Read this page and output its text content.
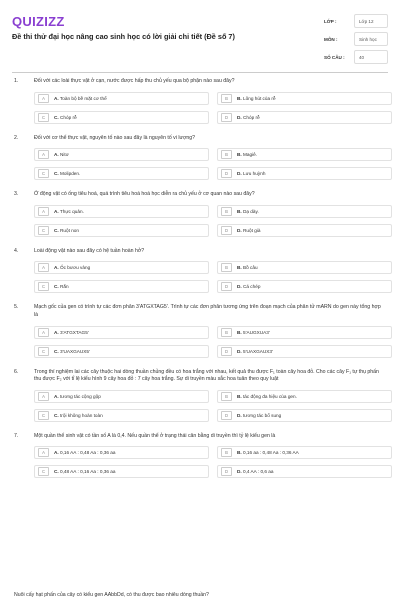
QUIZIZZ
Đề thi thử đại học nâng cao sinh học có lời giải chi tiết (Đề số 7)
LỚP :	Lớp 12
MÔN :	Sinh học
SỐ CÂU :	40
1.	Đối với các loài thực vật ở cạn, nước được hấp thu chủ yếu qua bộ phận nào sau đây?
A	A. Toàn bộ bề mặt cơ thể	B	B. Lông hút của rễ
C	C. Chóp rễ	D	D. Chóp rễ
2.	Đối với cơ thể thực vật, nguyên tố nào sau đây là nguyên tố vi lượng?
A	A. Nitơ	B	B. Magiê.
C	C. Molipden.	D	D. Lưu huỳnh
3.	Ở động vật có ống tiêu hoá, quá trình tiêu hoá hoá học diễn ra chủ yếu ở cơ quan nào sau đây?
A	A. Thực quản.	B	B. Dạ dày.
C	C. Ruột non	D	D. Ruột già
4.	Loài động vật nào sau đây có hệ tuần hoàn hở?
A	A. Ốc bươu vàng	B	B. Bồ câu
C	C. Rắn	D	D. Cá chép
5.	Mạch gốc của gen có trình tự các đơn phân 3'ATGXTAG5'. Trình tự các đơn phân tương ứng trên đoạn mạch của phân tử mARN do gen này tổng hợp là
A	A. 3'ATGXTAG5'	B	B. 5'AUGXUA3'
C	C. 3'UAXGAUX5'	D	D. 5'UAXGAUX3'
6.	Trong thí nghiệm lai các cây thuộc hai dòng thuần chủng đều có hoa trắng với nhau, kết quả thu được F₁ toàn cây hoa đỏ. Cho các cây F₁ tự thụ phấn thu được F₂ với tỉ lệ kiểu hình 9 cây hoa đỏ : 7 cây hoa trắng. Sự di truyền màu sắc hoa tuân theo quy luật
A	A. tương tác cộng gộp	B	B. tác động đa hiệu của gen.
C	C. trội không hoàn toàn	D	D. tương tác bổ sung
7.	Một quần thể sinh vật có tần số A là 0,4. Nếu quần thể ở trạng thái cân bằng di truyền thì tỷ lệ kiểu gen là
A	A. 0,16 AA : 0,48 Aa : 0,36 aa	B	B. 0,16 aa : 0,48 Aa : 0,36 AA
C	C. 0,48 AA : 0,16 Aa : 0,36 aa	D	D. 0,4 AA : 0,6 aa
Nuôi cấy hạt phấn của cây có kiểu gen AAbbDd, có thu được bao nhiêu dòng thuần?
